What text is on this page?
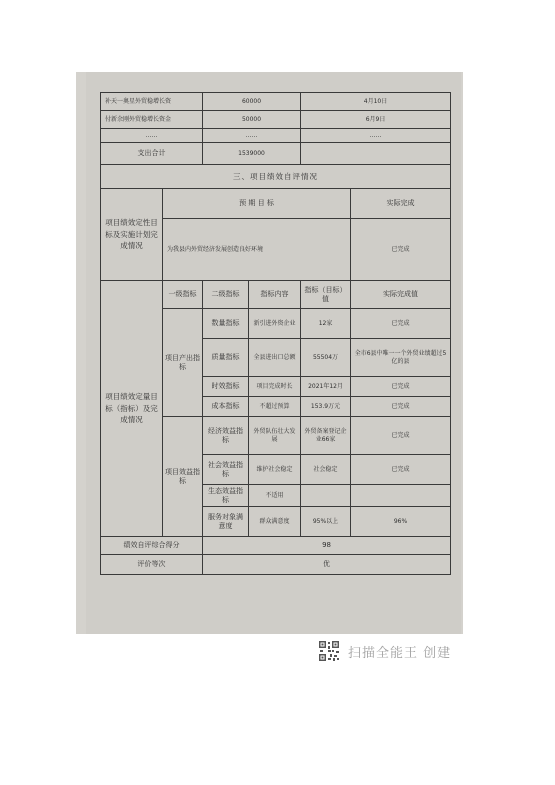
补天一奥星外贸稳增长资		60000		4月10日	
付新余刚外贸稳增长资金		50000		6月9日	
……		……		……	
支出合计		1539000			
三、项目绩效自评情况					
项目绩效定性目标及实施计划完成情况	预 期 目 标				实际完成
	为我县内外贸经济发展创造良好环境				已完成
项目绩效定量目标（指标）及完成情况	一级指标	二级指标	指标内容	指标（目标）值	实际完成值
	项目产出指标	数量指标	新引进外资企业	12家	已完成
		质量指标	全县进出口总额	55504万	全市6县中唯一一个外贸业绩超过5亿的县
		时效指标	项目完成时长	2021年12月	已完成
		成本指标	不超过预算	153.9万元	已完成
	项目效益指标	经济效益指标	外贸队伍壮大发展	外贸备案登记企业66家	已完成
		社会效益指标	维护社会稳定	社会稳定	已完成
		生态效益指标	不适用		
		服务对象满意度	群众满意度	95%以上	96%
绩效自评综合得分		98			
评价等次		优			
扫描全能王 创建
